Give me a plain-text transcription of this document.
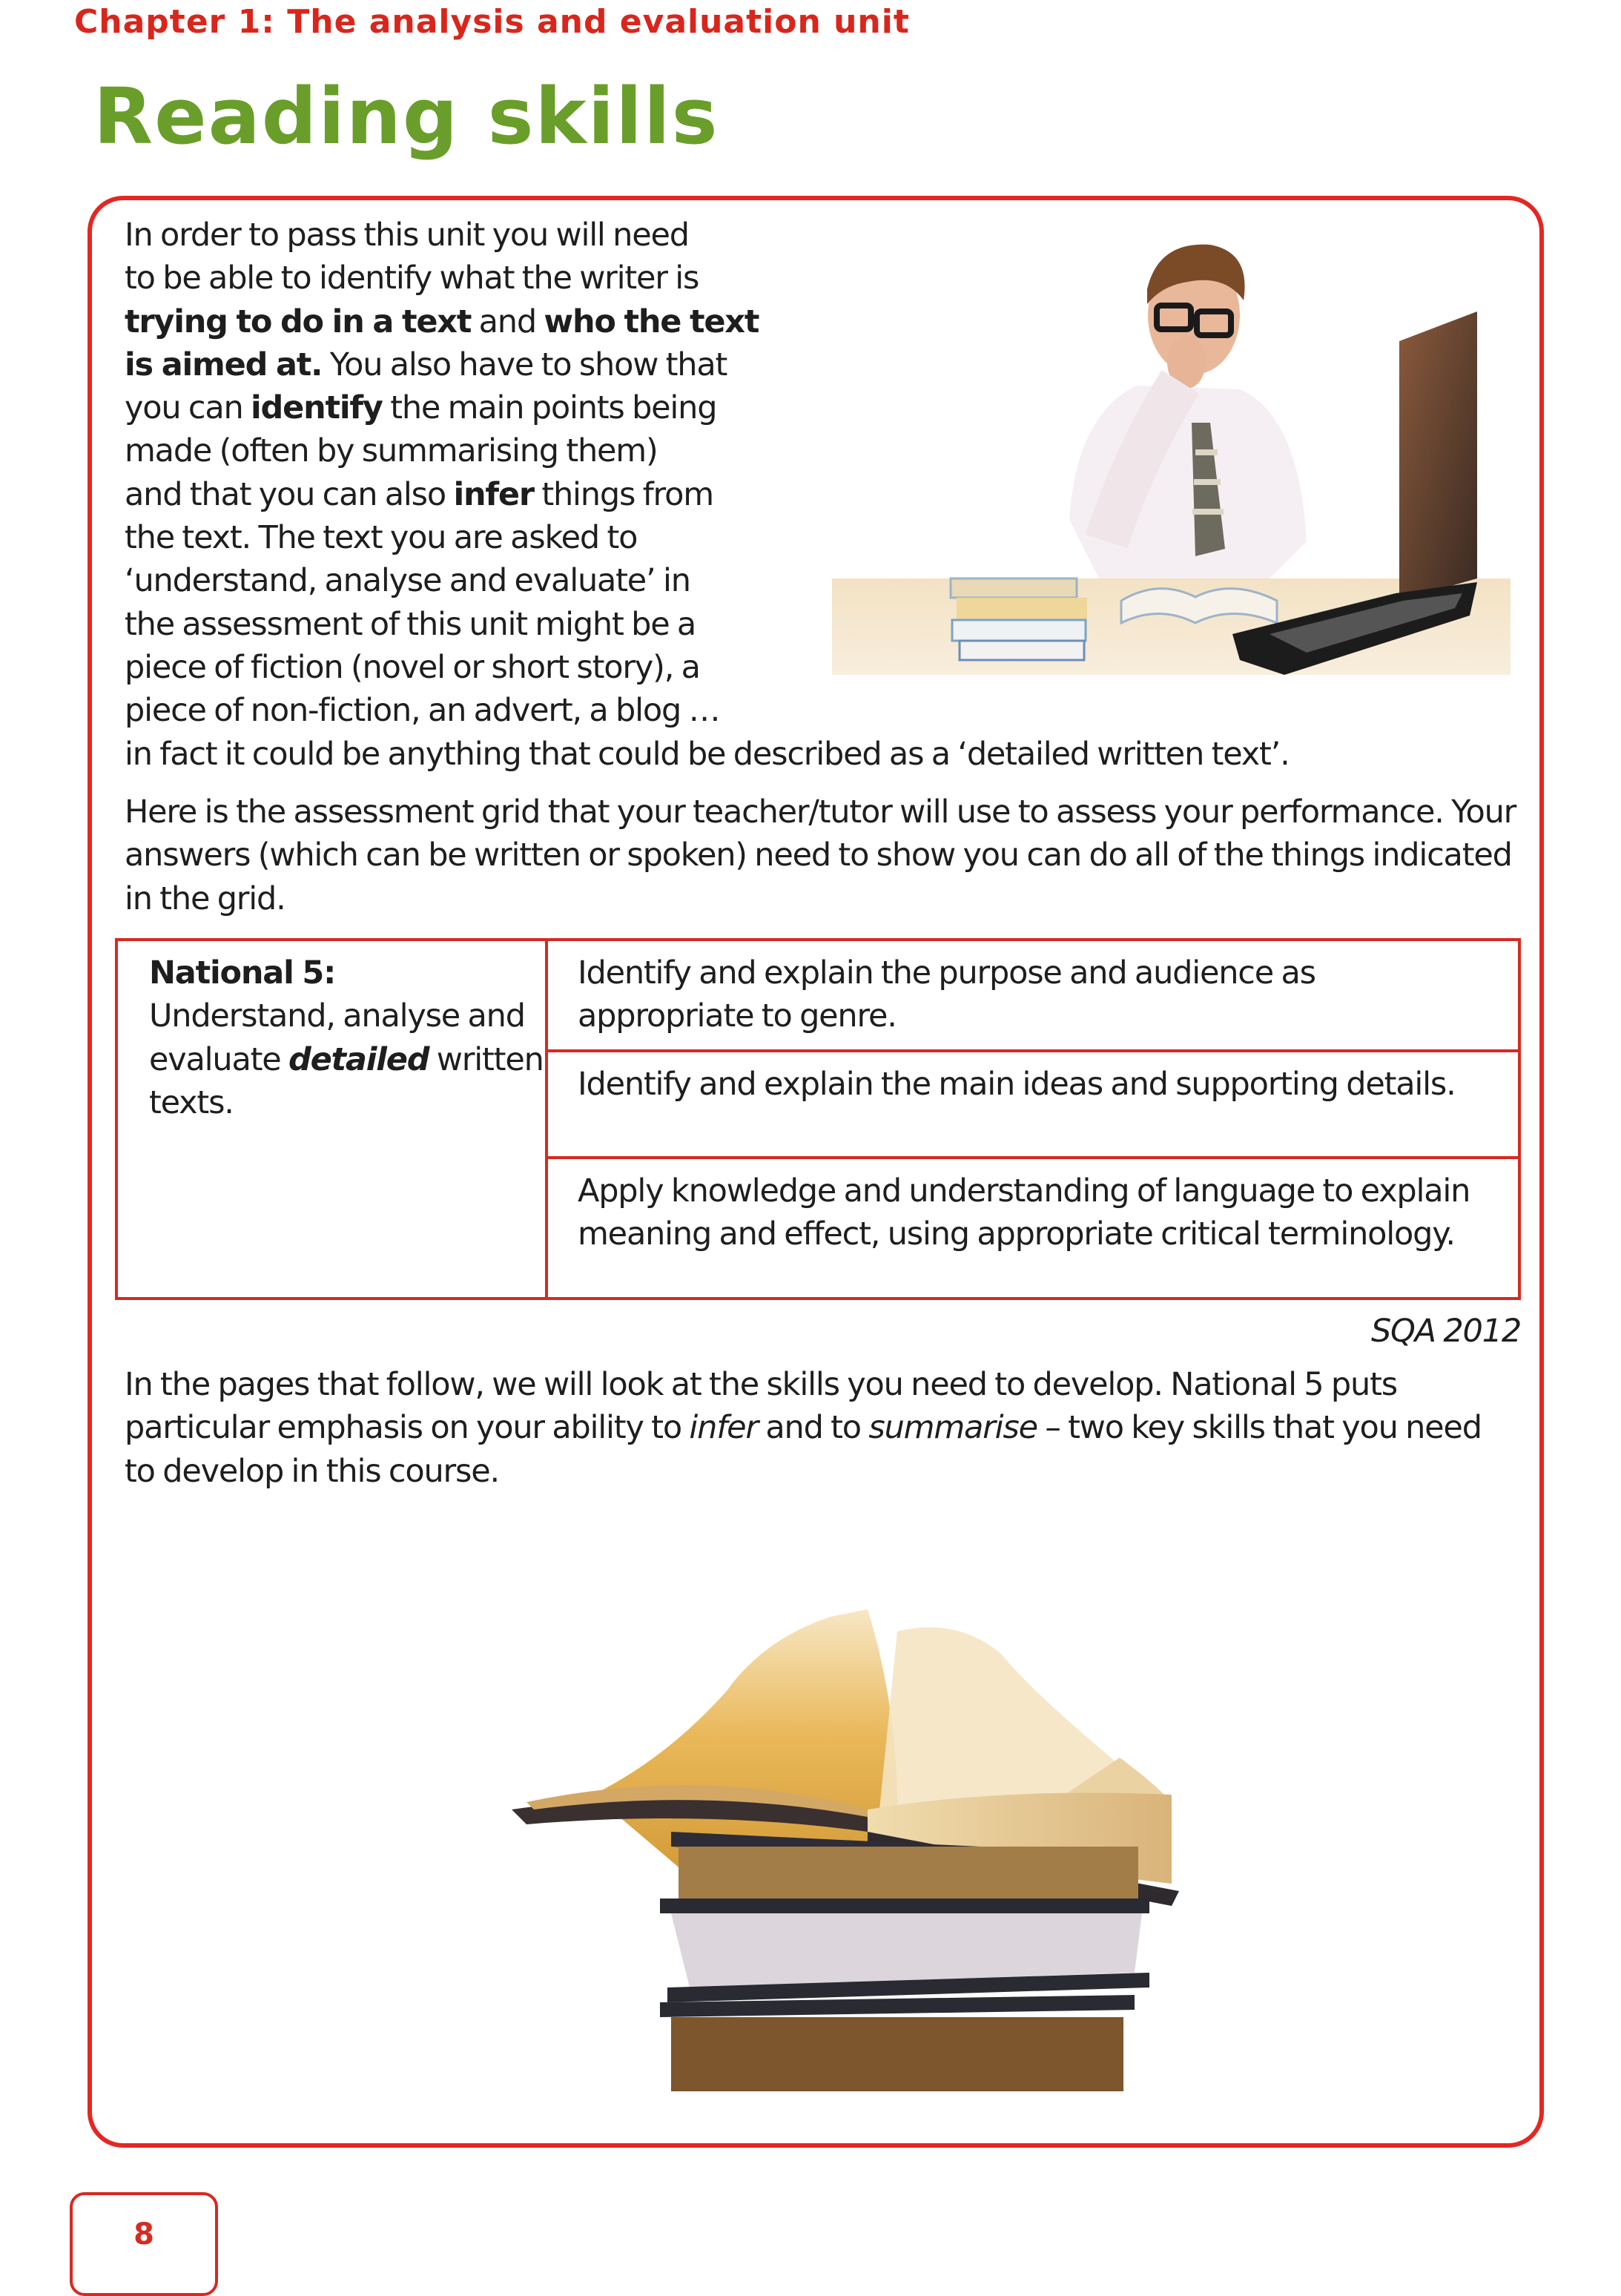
Chapter 1: The analysis and evaluation unit
Reading skills
In order to pass this unit you will need
to be able to identify what the writer is
trying to do in a text and who the text
is aimed at. You also have to show that
you can identify the main points being
made (often by summarising them)
and that you can also infer things from
the text. The text you are asked to
‘understand, analyse and evaluate’ in
the assessment of this unit might be a
piece of fiction (novel or short story), a
piece of non-fiction, an advert, a blog …
in fact it could be anything that could be described as a ‘detailed written text’.
Here is the assessment grid that your teacher/tutor will use to assess your performance. Your answers (which can be written or spoken) need to show you can do all of the things indicated in the grid.
National 5:
Understand, analyse and evaluate detailed written texts.
Identify and explain the purpose and audience as appropriate to genre.
Identify and explain the main ideas and supporting details.
Apply knowledge and understanding of language to explain meaning and effect, using appropriate critical terminology.
SQA 2012
In the pages that follow, we will look at the skills you need to develop. National 5 puts particular emphasis on your ability to infer and to summarise – two key skills that you need to develop in this course.
8
